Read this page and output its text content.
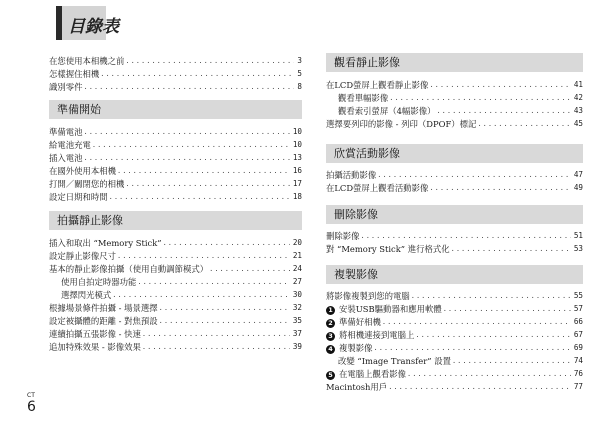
目錄表
在您使用本相機之前 .....	3
怎樣握住相機 .....	5
識別零件 .....	8
準備開始
準備電池 .....	10
給電池充電 .....	10
插入電池 .....	13
在國外使用本相機 .....	16
打開／關閉您的相機 .....	17
設定日期和時間 .....	18
拍攝靜止影像
插入和取出 “Memory Stick” .....	20
設定靜止影像尺寸 .....	21
基本的靜止影像拍攝（使用自動調節模式） .....	24
使用自拍定時器功能 .....	27
選擇閃光模式 .....	30
根據場景條件拍攝 - 場景選擇 .....	32
設定被攝體的距離 - 對焦預設 .....	35
連續拍攝五張影像 - 快速 .....	37
追加特殊效果 - 影像效果 .....	39
觀看靜止影像
在LCD螢屏上觀看靜止影像 .....	41
觀看單幅影像 .....	42
觀看索引螢屏（4幅影像） .....	43
選擇要列印的影像 - 列印（DPOF）標記 .....	45
欣賞活動影像
拍攝活動影像 .....	47
在LCD螢屏上觀看活動影像 .....	49
刪除影像
刪除影像 .....	51
對 “Memory Stick” 進行格式化 .....	53
複製影像
將影像複製到您的電腦 .....	55
1 安裝USB驅動器和應用軟體 .....	57
2 準備好相機 .....	66
3 將相機連接到電腦上 .....	67
4 複製影像 .....	69
改變 “Image Transfer” 設置 .....	74
5 在電腦上觀看影像 .....	76
Macintosh用戶 .....	77
CT
6
